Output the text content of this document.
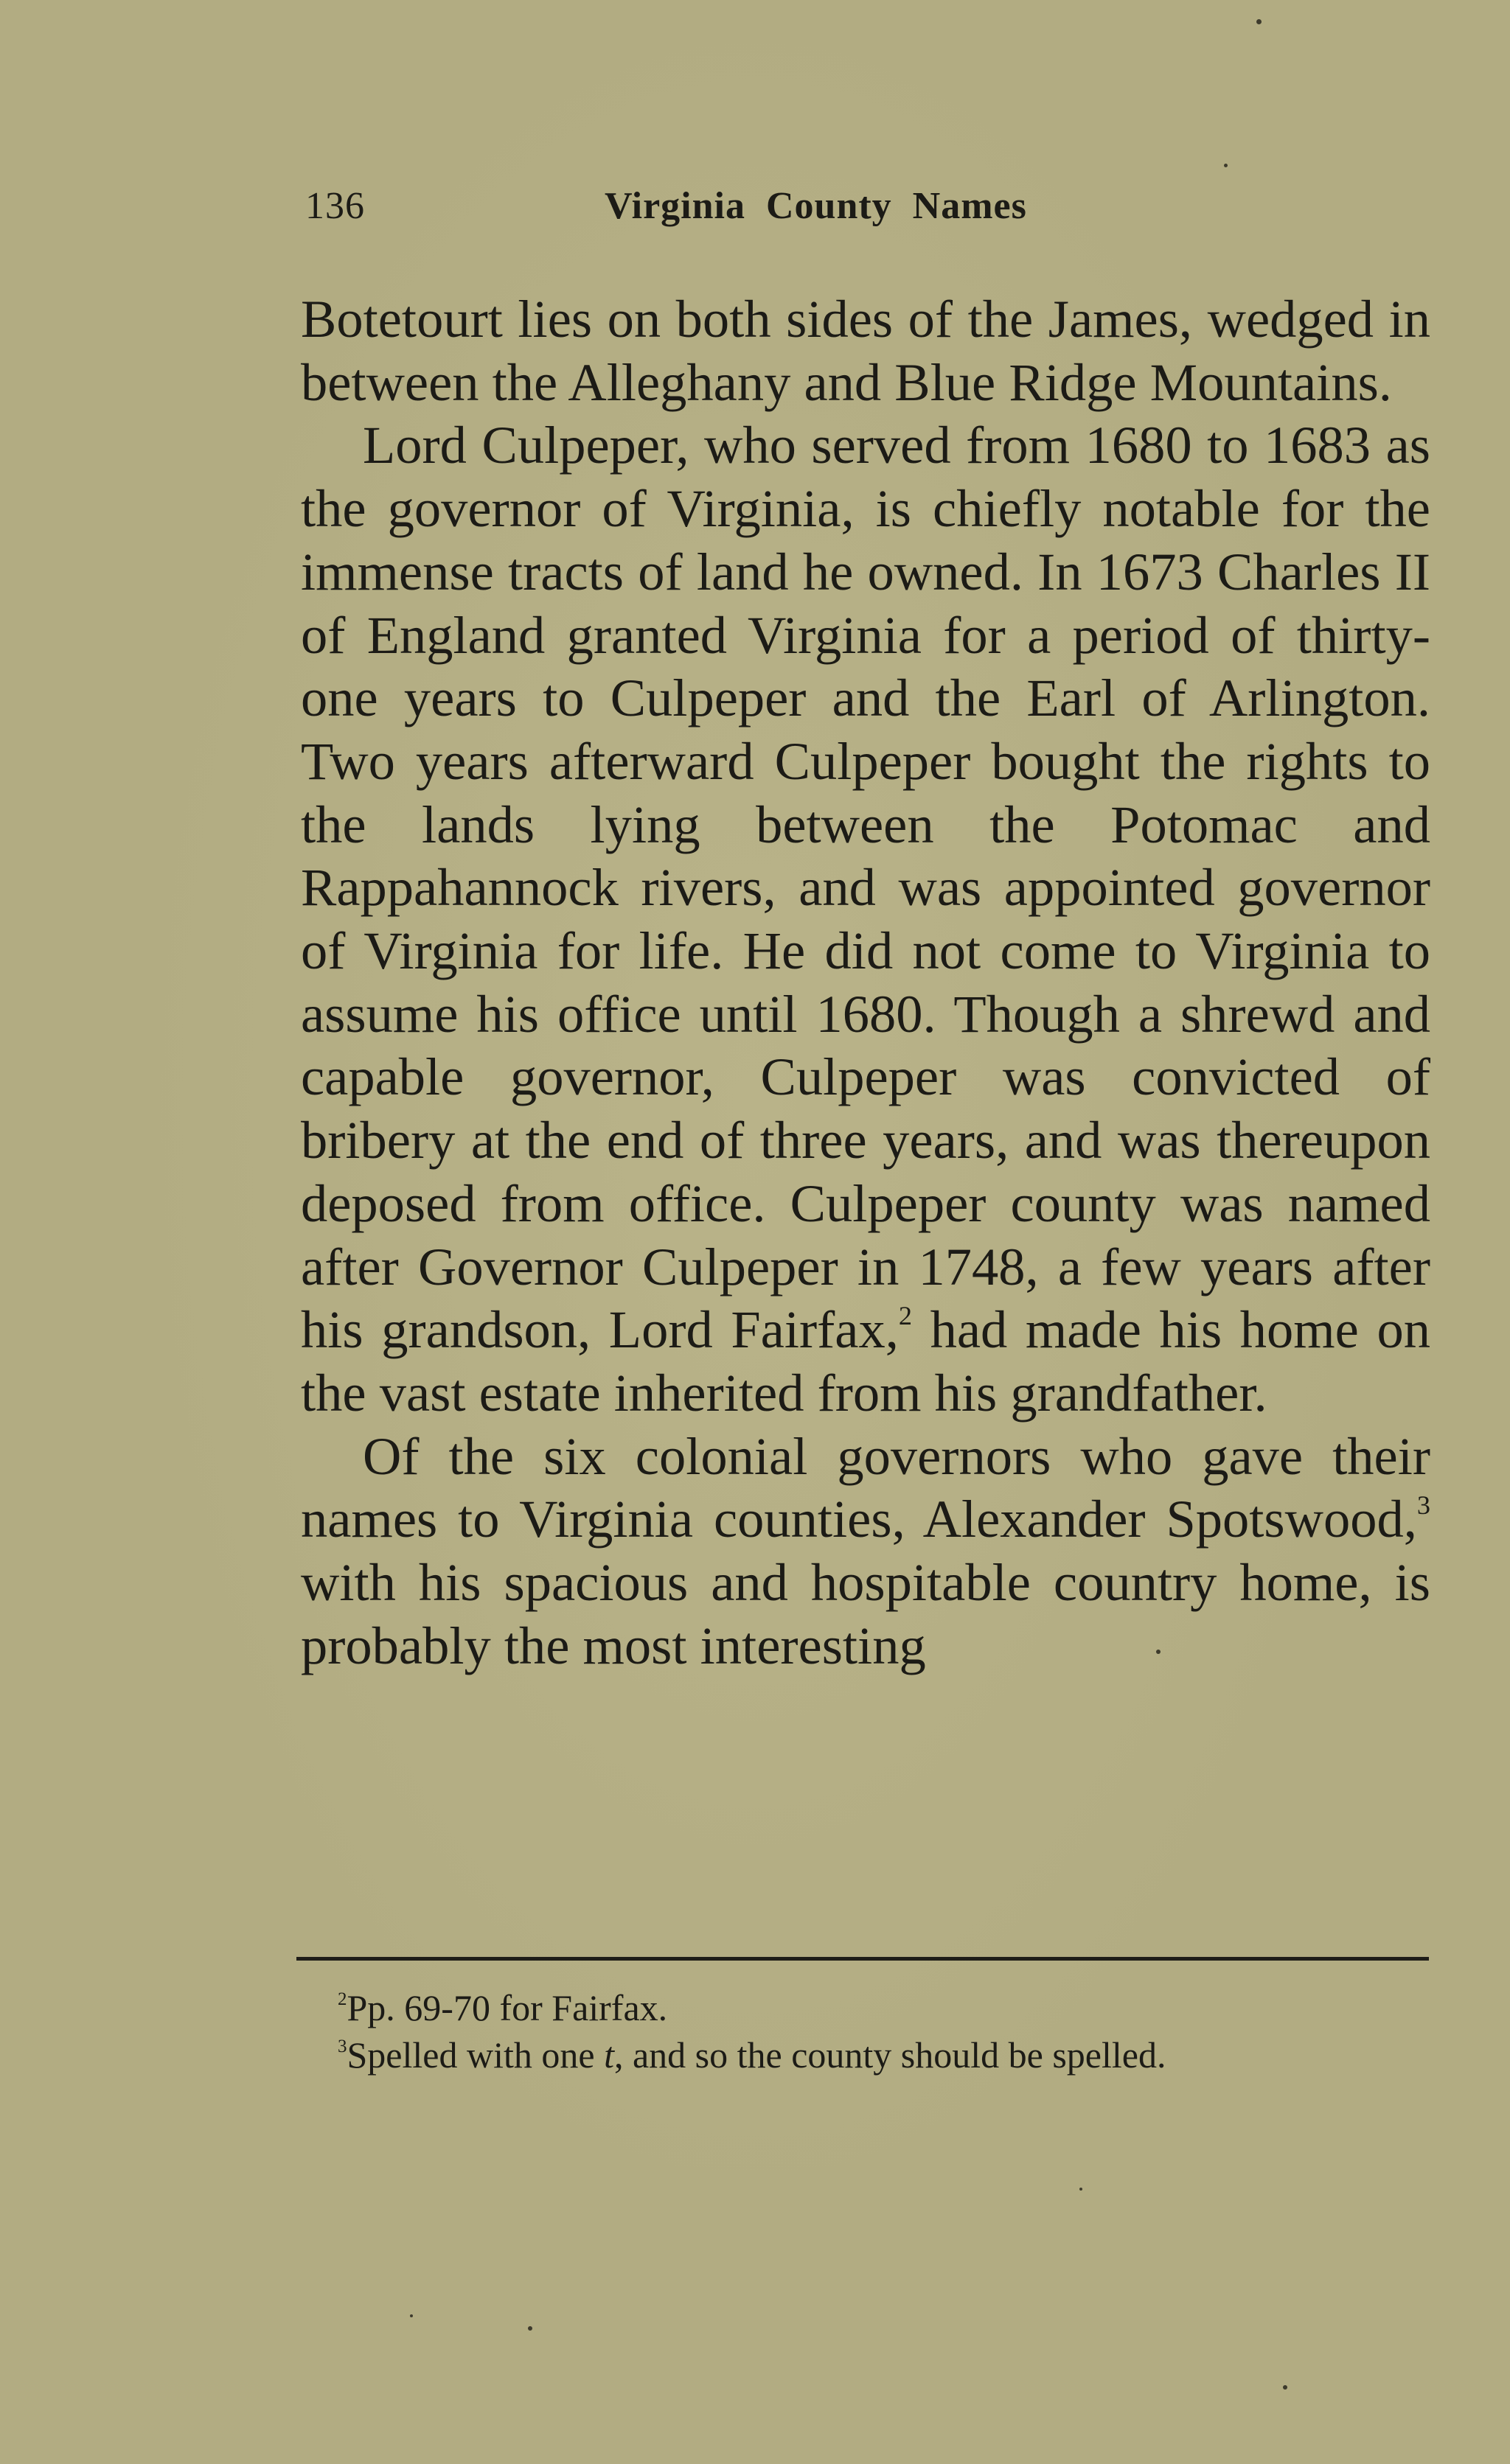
136	Virginia County Names

Botetourt lies on both sides of the James, wedged in between the Alleghany and Blue Ridge Mountains.

Lord Culpeper, who served from 1680 to 1683 as the governor of Virginia, is chiefly notable for the immense tracts of land he owned. In 1673 Charles II of England granted Virginia for a period of thirty-one years to Culpeper and the Earl of Arlington. Two years afterward Culpeper bought the rights to the lands lying between the Potomac and Rappahannock rivers, and was appointed governor of Virginia for life. He did not come to Virginia to assume his office until 1680. Though a shrewd and capable governor, Culpeper was convicted of bribery at the end of three years, and was thereupon deposed from office. Culpeper county was named after Governor Culpeper in 1748, a few years after his grandson, Lord Fairfax,$^2$ had made his home on the vast estate inherited from his grandfather.

Of the six colonial governors who gave their names to Virginia counties, Alexander Spotswood,$^3$ with his spacious and hospitable country home, is probably the most interesting

$^2$Pp. 69-70 for Fairfax.

$^3$Spelled with one t, and so the county should be spelled.
